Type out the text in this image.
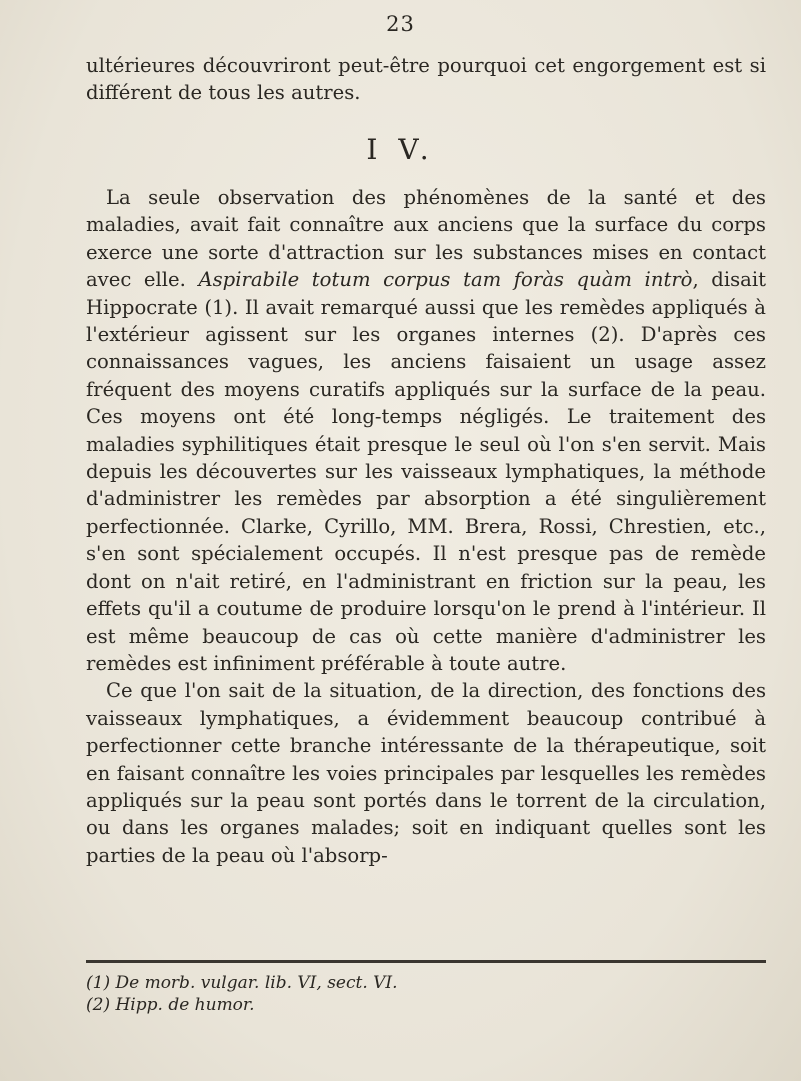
23

ultérieures découvriront peut-être pourquoi cet engorgement est si différent de tous les autres.

I V.

La seule observation des phénomènes de la santé et des maladies, avait fait connaître aux anciens que la surface du corps exerce une sorte d'attraction sur les substances mises en contact avec elle. Aspirabile totum corpus tam foràs quàm intrò, disait Hippocrate (1). Il avait remarqué aussi que les remèdes appliqués à l'extérieur agissent sur les organes internes (2). D'après ces connaissances vagues, les anciens faisaient un usage assez fréquent des moyens curatifs appliqués sur la surface de la peau. Ces moyens ont été long-temps négligés. Le traitement des maladies syphilitiques était presque le seul où l'on s'en servit. Mais depuis les découvertes sur les vaisseaux lymphatiques, la méthode d'administrer les remèdes par absorption a été singulièrement perfectionnée. Clarke, Cyrillo, MM. Brera, Rossi, Chrestien, etc., s'en sont spécialement occupés. Il n'est presque pas de remède dont on n'ait retiré, en l'administrant en friction sur la peau, les effets qu'il a coutume de produire lorsqu'on le prend à l'intérieur. Il est même beaucoup de cas où cette manière d'administrer les remèdes est infiniment préférable à toute autre.

Ce que l'on sait de la situation, de la direction, des fonctions des vaisseaux lymphatiques, a évidemment beaucoup contribué à perfectionner cette branche intéressante de la thérapeutique, soit en faisant connaître les voies principales par lesquelles les remèdes appliqués sur la peau sont portés dans le torrent de la circulation, ou dans les organes malades; soit en indiquant quelles sont les parties de la peau où l'absorp-

(1) De morb. vulgar. lib. VI, sect. VI.

(2) Hipp. de humor.
